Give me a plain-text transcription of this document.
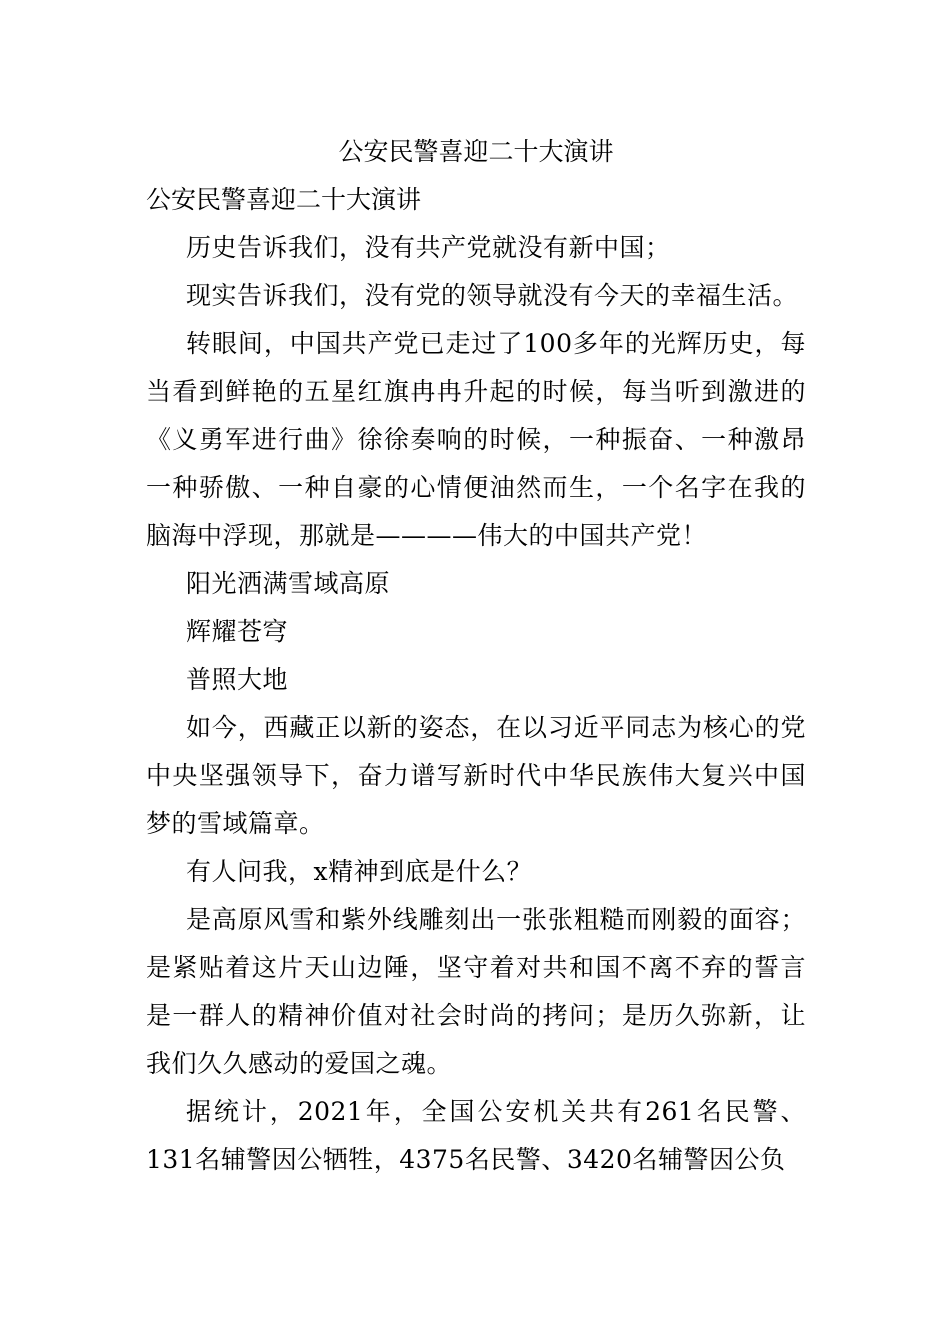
公安民警喜迎二十大演讲

公安民警喜迎二十大演讲

历史告诉我们，没有共产党就没有新中国；

现实告诉我们，没有党的领导就没有今天的幸福生活。

转眼间，中国共产党已走过了100多年的光辉历史，每当看到鲜艳的五星红旗冉冉升起的时候，每当听到激进的《义勇军进行曲》徐徐奏响的时候，一种振奋、一种激昂一种骄傲、一种自豪的心情便油然而生，一个名字在我的脑海中浮现，那就是————伟大的中国共产党！

阳光洒满雪域高原

辉耀苍穹

普照大地

如今，西藏正以新的姿态，在以习近平同志为核心的党中央坚强领导下，奋力谱写新时代中华民族伟大复兴中国梦的雪域篇章。

有人问我，x精神到底是什么？

是高原风雪和紫外线雕刻出一张张粗糙而刚毅的面容；是紧贴着这片天山边陲，坚守着对共和国不离不弃的誓言是一群人的精神价值对社会时尚的拷问；是历久弥新，让我们久久感动的爱国之魂。

据统计，2021年，全国公安机关共有261名民警、131名辅警因公牺牲，4375名民警、3420名辅警因公负
